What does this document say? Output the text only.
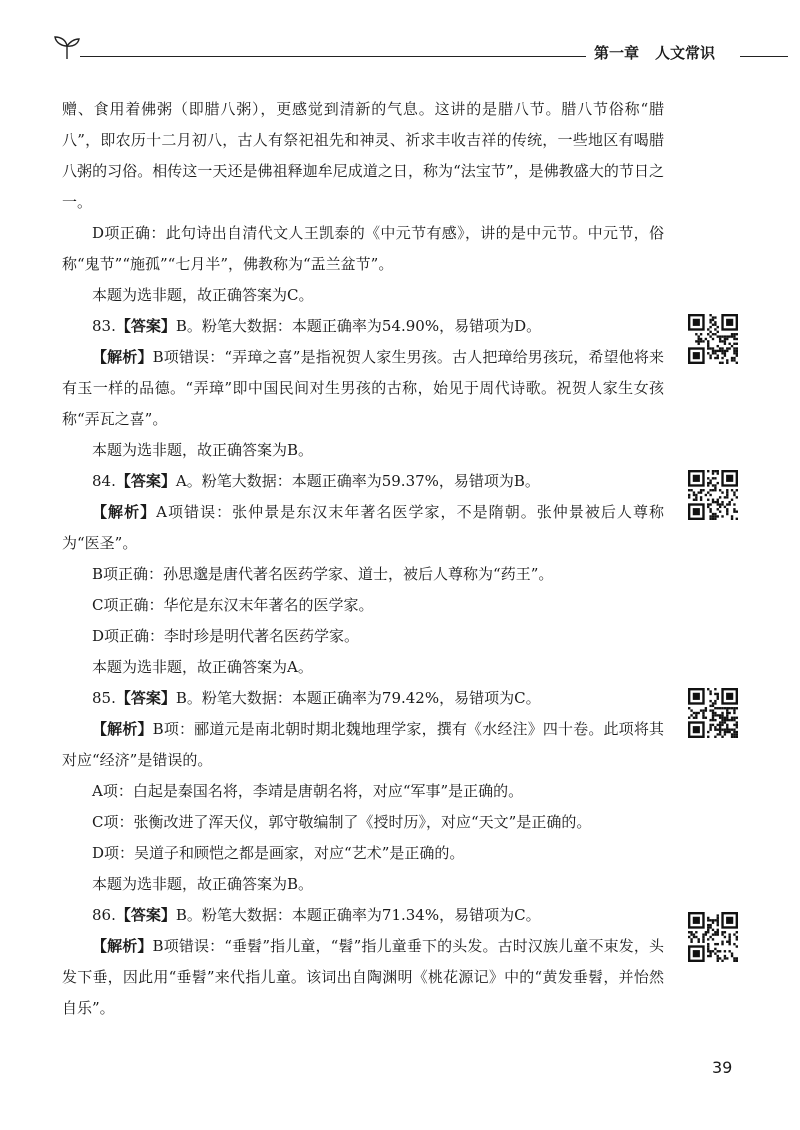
第一章 人文常识

赠、食用着佛粥（即腊八粥），更感觉到清新的气息。这讲的是腊八节。腊八节俗称“腊八”，即农历十二月初八，古人有祭祀祖先和神灵、祈求丰收吉祥的传统，一些地区有喝腊八粥的习俗。相传这一天还是佛祖释迦牟尼成道之日，称为“法宝节”，是佛教盛大的节日之一。

D项正确：此句诗出自清代文人王凯泰的《中元节有感》，讲的是中元节。中元节，俗称“鬼节”“施孤”“七月半”，佛教称为“盂兰盆节”。

本题为选非题，故正确答案为C。

83.【答案】B。粉笔大数据：本题正确率为54.90%，易错项为D。

【解析】B项错误：“弄璋之喜”是指祝贺人家生男孩。古人把璋给男孩玩，希望他将来有玉一样的品德。“弄璋”即中国民间对生男孩的古称，始见于周代诗歌。祝贺人家生女孩称“弄瓦之喜”。

本题为选非题，故正确答案为B。

84.【答案】A。粉笔大数据：本题正确率为59.37%，易错项为B。

【解析】A项错误：张仲景是东汉末年著名医学家，不是隋朝。张仲景被后人尊称为“医圣”。

B项正确：孙思邈是唐代著名医药学家、道士，被后人尊称为“药王”。

C项正确：华佗是东汉末年著名的医学家。

D项正确：李时珍是明代著名医药学家。

本题为选非题，故正确答案为A。

85.【答案】B。粉笔大数据：本题正确率为79.42%，易错项为C。

【解析】B项：郦道元是南北朝时期北魏地理学家，撰有《水经注》四十卷。此项将其对应“经济”是错误的。

A项：白起是秦国名将，李靖是唐朝名将，对应“军事”是正确的。

C项：张衡改进了浑天仪，郭守敬编制了《授时历》，对应“天文”是正确的。

D项：吴道子和顾恺之都是画家，对应“艺术”是正确的。

本题为选非题，故正确答案为B。

86.【答案】B。粉笔大数据：本题正确率为71.34%，易错项为C。

【解析】B项错误：“垂髫”指儿童，“髫”指儿童垂下的头发。古时汉族儿童不束发，头发下垂，因此用“垂髫”来代指儿童。该词出自陶渊明《桃花源记》中的“黄发垂髫，并怡然自乐”。

39
